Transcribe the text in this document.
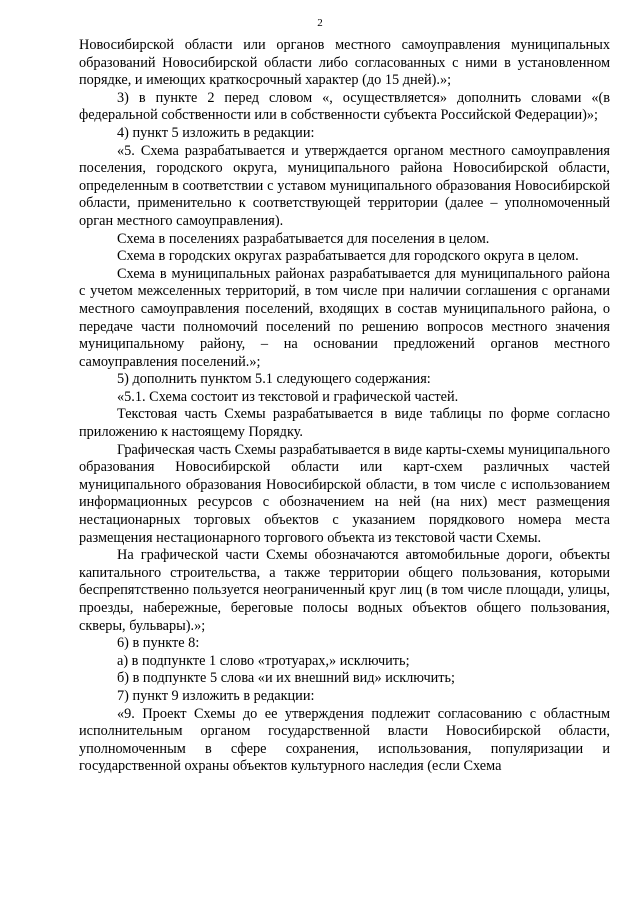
2

Новосибирской области или органов местного самоуправления муниципальных образований Новосибирской области либо согласованных с ними в установленном порядке, и имеющих краткосрочный характер (до 15 дней).»;

3) в пункте 2 перед словом «, осуществляется» дополнить словами «(в федеральной собственности или в собственности субъекта Российской Федерации)»;

4) пункт 5 изложить в редакции:

«5. Схема разрабатывается и утверждается органом местного самоуправления поселения, городского округа, муниципального района Новосибирской области, определенным в соответствии с уставом муниципального образования Новосибирской области, применительно к соответствующей территории (далее – уполномоченный орган местного самоуправления).

Схема в поселениях разрабатывается для поселения в целом.

Схема в городских округах разрабатывается для городского округа в целом.

Схема в муниципальных районах разрабатывается для муниципального района с учетом межселенных территорий, в том числе при наличии соглашения с органами местного самоуправления поселений, входящих в состав муниципального района, о передаче части полномочий поселений по решению вопросов местного значения муниципальному району, – на основании предложений органов местного самоуправления поселений.»;

5) дополнить пунктом 5.1 следующего содержания:

«5.1. Схема состоит из текстовой и графической частей.

Текстовая часть Схемы разрабатывается в виде таблицы по форме согласно приложению к настоящему Порядку.

Графическая часть Схемы разрабатывается в виде карты-схемы муниципального образования Новосибирской области или карт-схем различных частей муниципального образования Новосибирской области, в том числе с использованием информационных ресурсов с обозначением на ней (на них) мест размещения нестационарных торговых объектов с указанием порядкового номера места размещения нестационарного торгового объекта из текстовой части Схемы.

На графической части Схемы обозначаются автомобильные дороги, объекты капитального строительства, а также территории общего пользования, которыми беспрепятственно пользуется неограниченный круг лиц (в том числе площади, улицы, проезды, набережные, береговые полосы водных объектов общего пользования, скверы, бульвары).»;

6) в пункте 8:

а) в подпункте 1 слово «тротуарах,» исключить;

б) в подпункте 5 слова «и их внешний вид» исключить;

7) пункт 9 изложить в редакции:

«9. Проект Схемы до ее утверждения подлежит согласованию с областным исполнительным органом государственной власти Новосибирской области, уполномоченным в сфере сохранения, использования, популяризации и государственной охраны объектов культурного наследия (если Схема
